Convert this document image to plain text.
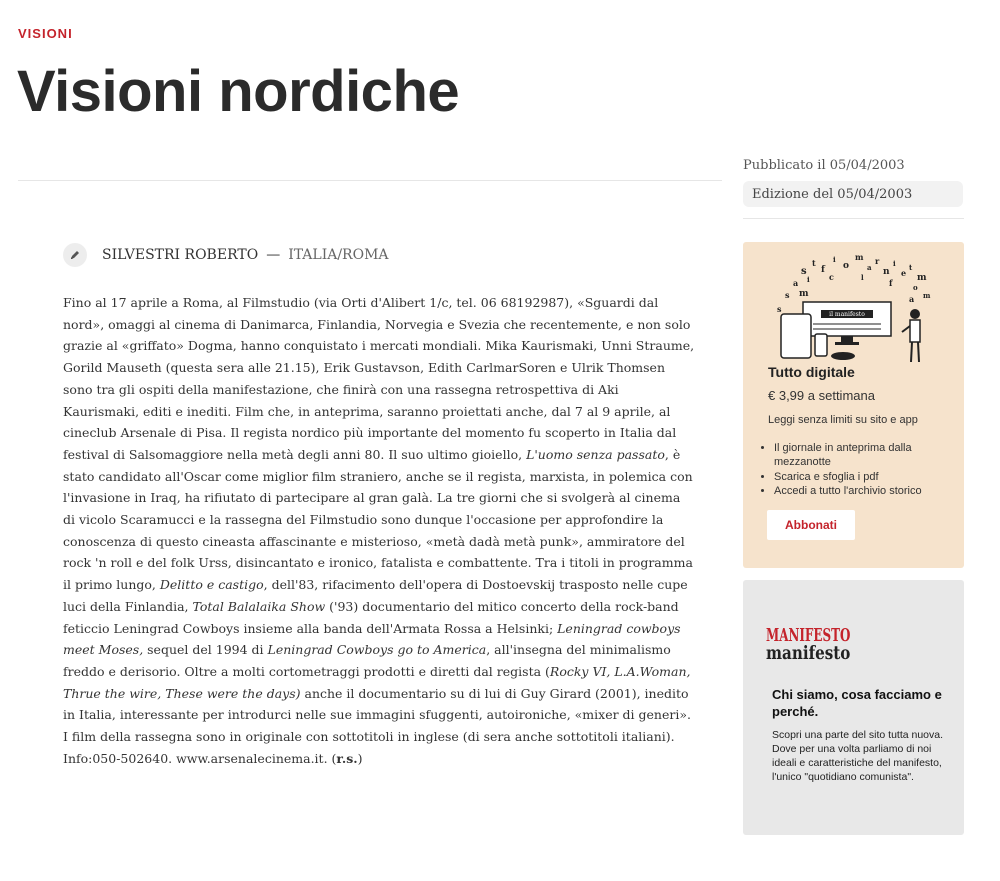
VISIONI
Visioni nordiche
Pubblicato il 05/04/2003
Edizione del 05/04/2003
SILVESTRI ROBERTO — ITALIA/ROMA

Fino al 17 aprile a Roma, al Filmstudio (via Orti d'Alibert 1/c, tel. 06 68192987), «Sguardi dal nord», omaggi al cinema di Danimarca, Finlandia, Norvegia e Svezia che recentemente, e non solo grazie al «griffato» Dogma, hanno conquistato i mercati mondiali. Mika Kaurismaki, Unni Straume, Gorild Mauseth (questa sera alle 21.15), Erik Gustavson, Edith CarlmarSoren e Ulrik Thomsen sono tra gli ospiti della manifestazione, che finirà con una rassegna retrospettiva di Aki Kaurismaki, editi e inediti. Film che, in anteprima, saranno proiettati anche, dal 7 al 9 aprile, al cineclub Arsenale di Pisa. Il regista nordico più importante del momento fu scoperto in Italia dal festival di Salsomaggiore nella metà degli anni 80. Il suo ultimo gioiello, L'uomo senza passato, è stato candidato all'Oscar come miglior film straniero, anche se il regista, marxista, in polemica con l'invasione in Iraq, ha rifiutato di partecipare al gran galà. La tre giorni che si svolgerà al cinema di vicolo Scaramucci e la rassegna del Filmstudio sono dunque l'occasione per approfondire la conoscenza di questo cineasta affascinante e misterioso, «metà dadà metà punk», ammiratore del rock 'n roll e del folk Urss, disincantato e ironico, fatalista e combattente. Tra i titoli in programma il primo lungo, Delitto e castigo, dell'83, rifacimento dell'opera di Dostoevskij trasposto nelle cupe luci della Finlandia, Total Balalaika Show ('93) documentario del mitico concerto della rock-band feticcio Leningrad Cowboys insieme alla banda dell'Armata Rossa a Helsinki; Leningrad cowboys meet Moses, sequel del 1994 di Leningrad Cowboys go to America, all'insegna del minimalismo freddo e derisorio. Oltre a molti cortometraggi prodotti e diretti dal regista (Rocky VI, L.A.Woman, Thrue the wire, These were the days) anche il documentario su di lui di Guy Girard (2001), inedito in Italia, interessante per introdurci nelle sue immagini sfuggenti, autoironiche, «mixer di generi». I film della rassegna sono in originale con sottotitoli in inglese (di sera anche sottotitoli italiani). Info:050-502640. www.arsenalecinema.it. (r.s.)

s
t
f
i
o
m
a
r
n
i
e
t
m
a i c	l
f	o
s m	a m
s
il manifesto
Tutto digitale
€ 3,99 a settimana
Leggi senza limiti su sito e app
• Il giornale in anteprima dalla mezzanotte
• Scarica e sfoglia i pdf
• Accedi a tutto l'archivio storico
Abbonati
MANIFESTO
manifesto
Chi siamo, cosa facciamo e perché.
Scopri una parte del sito tutta nuova. Dove per una volta parliamo di noi ideali e caratteristiche del manifesto, l'unico "quotidiano comunista".
